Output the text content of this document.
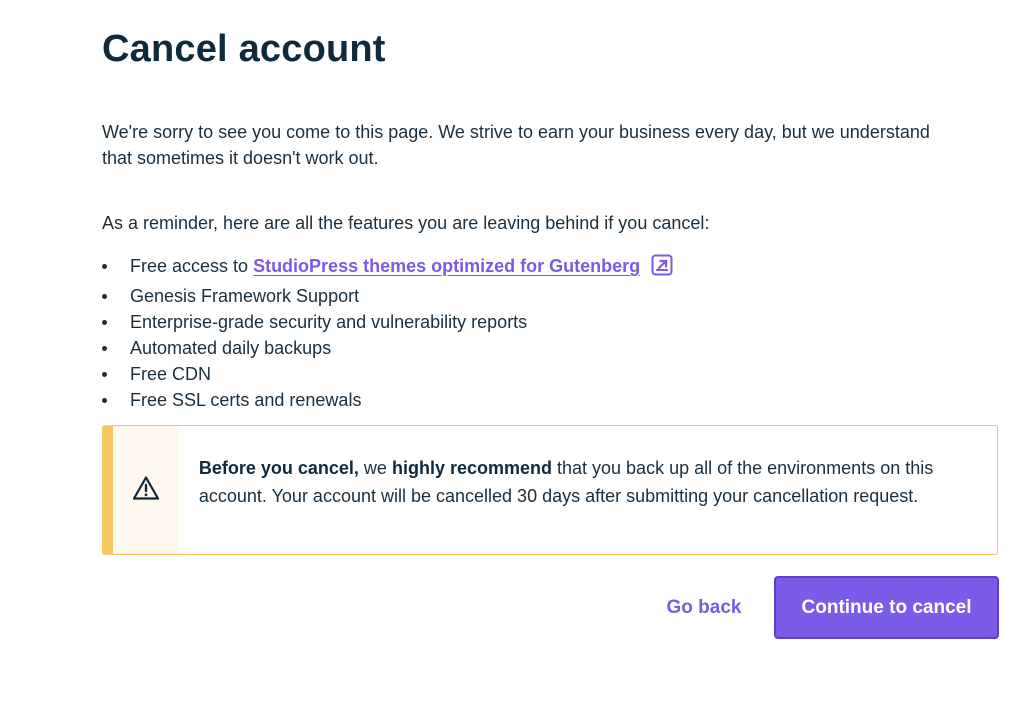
Cancel account

We're sorry to see you come to this page. We strive to earn your business every day, but we understand that sometimes it doesn't work out.

As a reminder, here are all the features you are leaving behind if you cancel:

Free access to StudioPress themes optimized for Gutenberg
Genesis Framework Support
Enterprise-grade security and vulnerability reports
Automated daily backups
Free CDN
Free SSL certs and renewals

Before you cancel, we highly recommend that you back up all of the environments on this account. Your account will be cancelled 30 days after submitting your cancellation request.

Go back	Continue to cancel
